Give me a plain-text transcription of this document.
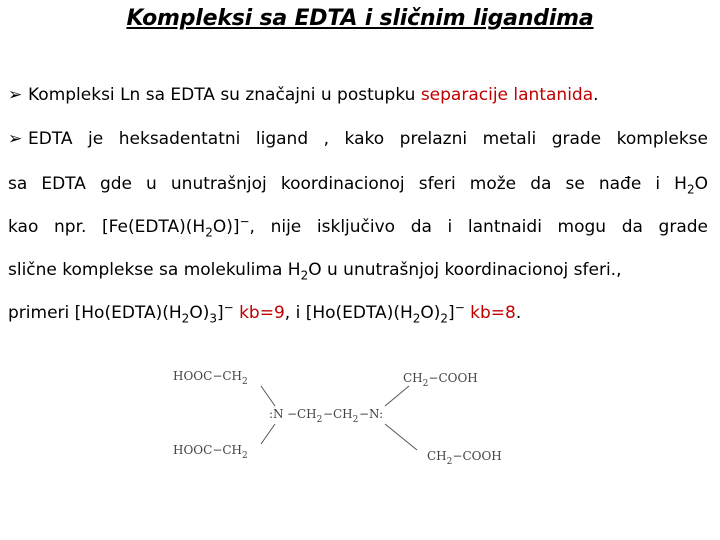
Kompleksi sa EDTA i sličnim ligandima
➢ Kompleksi Ln sa EDTA su značajni u postupku separacije lantanida.
➢ EDTA je heksadentatni ligand , kako prelazni metali grade komplekse
sa EDTA gde u unutrašnjoj koordinacionoj sferi može da se nađe i $H_2O$
kao npr. $[Fe(EDTA)(H_2O)]^-$, nije isključivo da i lantnaidi mogu da grade
slične komplekse sa molekulima $H_2O$ u unutrašnjoj koordinacionoj sferi.,
primeri $[Ho(EDTA)(H_2O)_3]^-$ kb=9, i $[Ho(EDTA)(H_2O)_2]^-$ kb=8.
$HOOC-CH_2$
$HOOC-CH_2$
$CH_2-COOH$
$CH_2-COOH$
:N − $CH_2 - CH_2 - N$:
